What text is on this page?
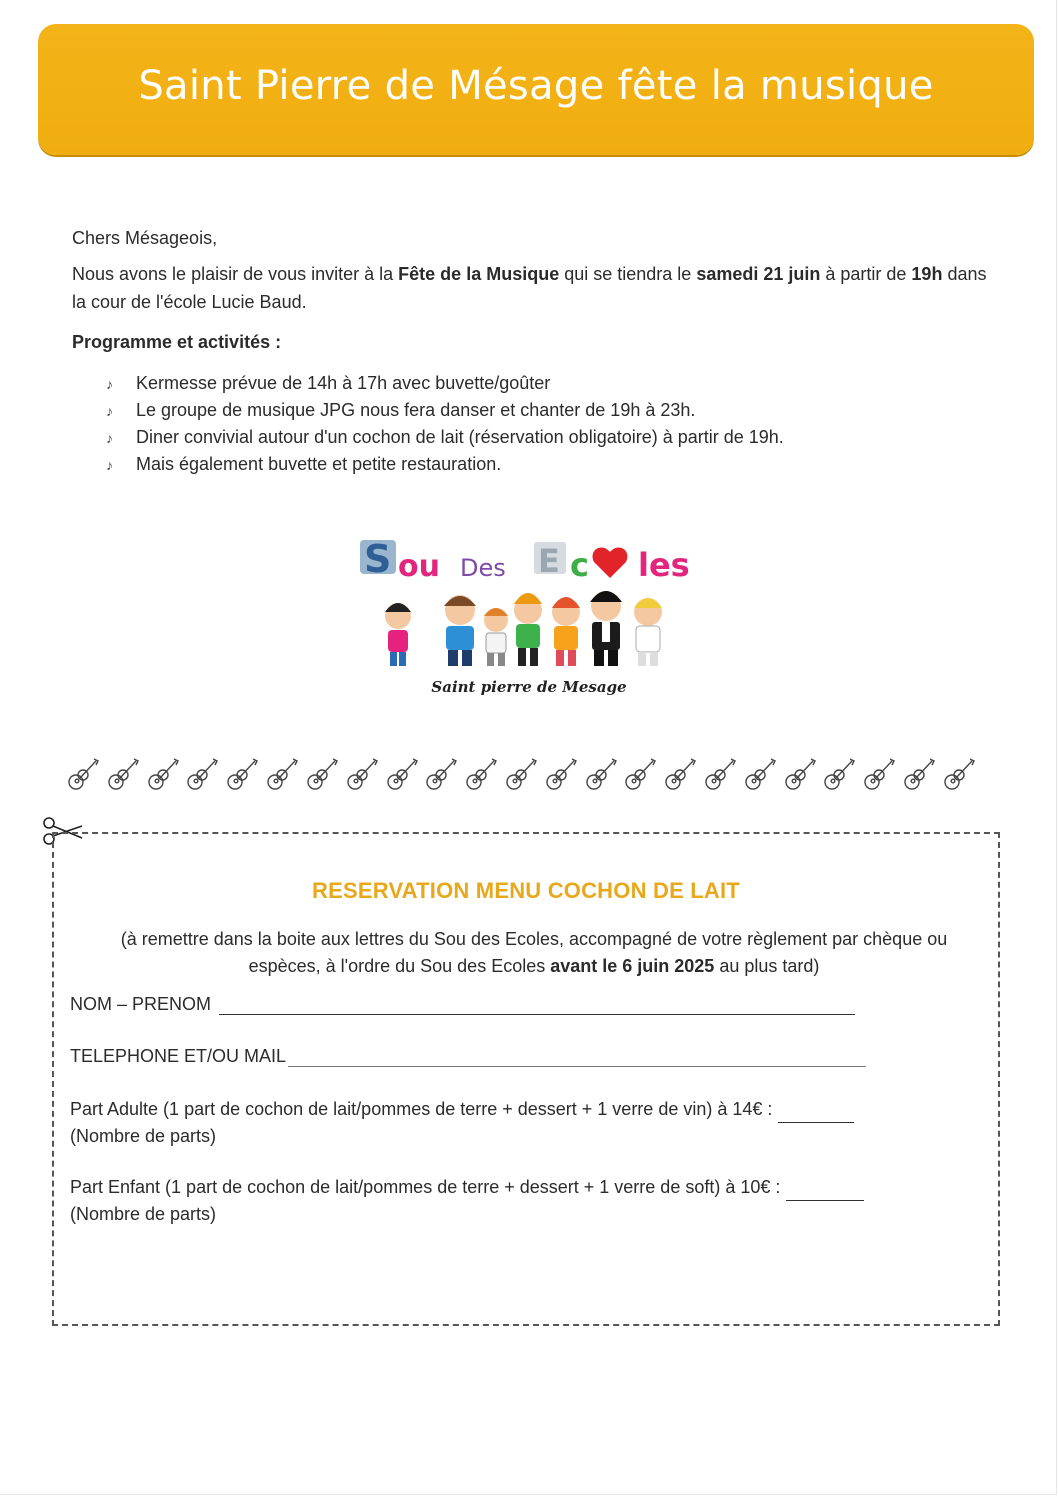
Saint Pierre de Mésage fête la musique

Chers Mésageois,

Nous avons le plaisir de vous inviter à la Fête de la Musique qui se tiendra le samedi 21 juin à partir de 19h dans la cour de l'école Lucie Baud.

Programme et activités :

♪	Kermesse prévue de 14h à 17h avec buvette/goûter
♪	Le groupe de musique JPG nous fera danser et chanter de 19h à 23h.
♪	Diner convivial autour d'un cochon de lait (réservation obligatoire) à partir de 19h.
♪	Mais également buvette et petite restauration.
S ou Des E c les
Saint pierre de Mesage
RESERVATION MENU COCHON DE LAIT
(à remettre dans la boite aux lettres du Sou des Ecoles, accompagné de votre règlement par chèque ou espèces, à l'ordre du Sou des Ecoles avant le 6 juin 2025 au plus tard)
NOM – PRENOM
TELEPHONE ET/OU MAIL
Part Adulte (1 part de cochon de lait/pommes de terre + dessert + 1 verre de vin) à 14€ :
(Nombre de parts)
Part Enfant (1 part de cochon de lait/pommes de terre + dessert + 1 verre de soft) à 10€ :
(Nombre de parts)
